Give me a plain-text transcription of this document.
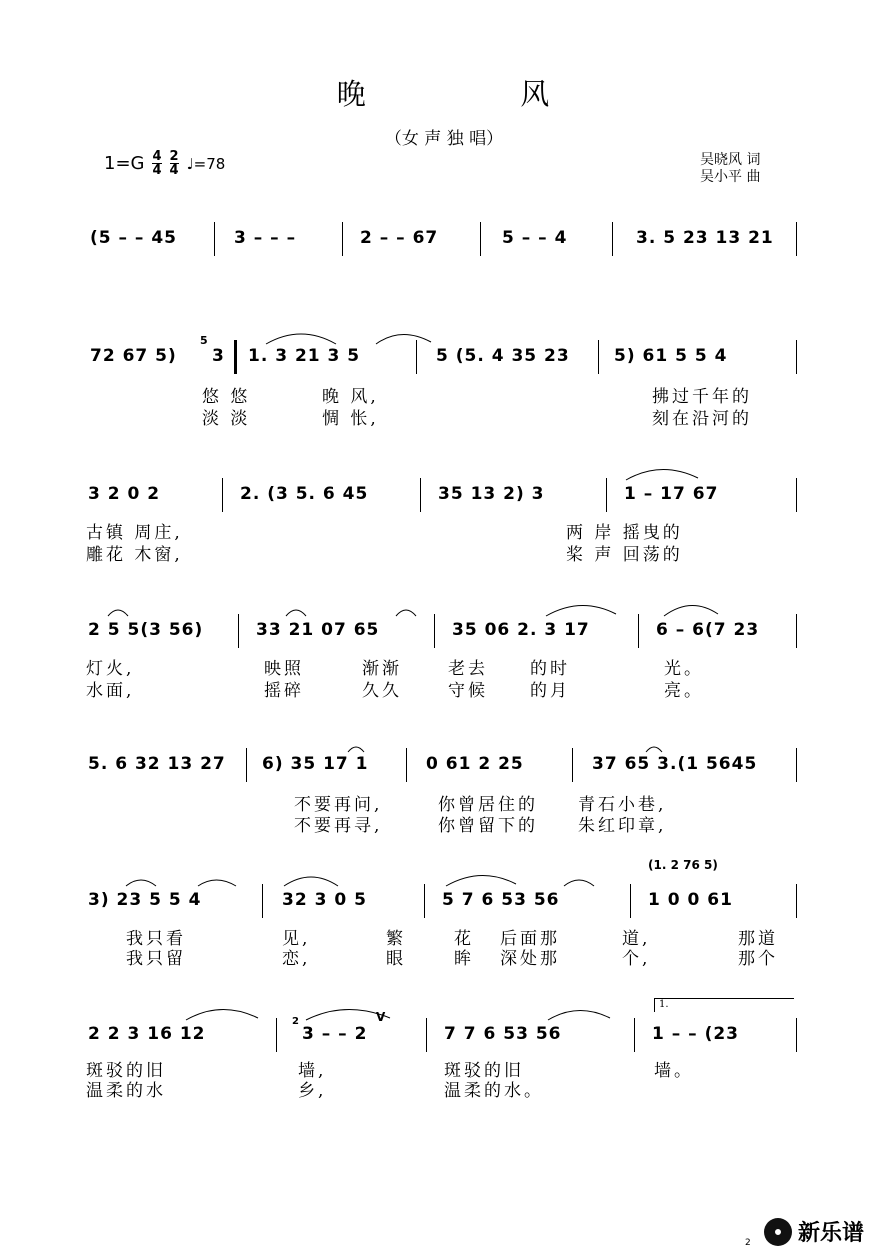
晚	风
（女 声 独 唱）
$1=G \frac{4}{4} \frac{2}{4}$ ♩=78	吴晓风 词
吴小平 曲
(5 – – 45	3 – – –	2 – – 67	5 – – 4	3. 5 23 13 21
72 67 5)
5
3 1. 3 21 3 5	5 (5. 4 35 23	5) 61 5 5 4
悠 悠	晚 风,	拂过千年的
淡 淡	惆 怅,	刻在沿河的
3 2 0 2	2. (3 5. 6 45	35 13 2) 3	1 – 17 67
古镇 周庄,	两 岸 摇曳的
雕花 木窗,	桨 声 回荡的
2 5 5(3 56)	33 21 07 65	35 06 2. 3 17	6 – 6(7 23
灯火,	映照	渐渐	老去 的时	光。
水面,	摇碎	久久	守候 的月	亮。
5. 6 32 13 27 6) 35 17 1	0 61 2 25	37 65 3.(1 5645
不要再问,	你曾居住的 青石小巷,
不要再寻,	你曾留下的 朱红印章,
(1. 2 76 5)
3) 23 5 5 4	32 3 0 5	5 7 6 53 56	1 0 0 61
我只看	见,	繁	花 后面那	道,	那道
我只留	恋,	眼	眸 深处那	个,	那个
1.
2 2 3 16 12
2
3 – – 2
V
7 7 6 53 56	1 – – (23
斑驳的旧	墙,	斑驳的旧	墙。
温柔的水	乡,	温柔的水。
2 新乐谱
